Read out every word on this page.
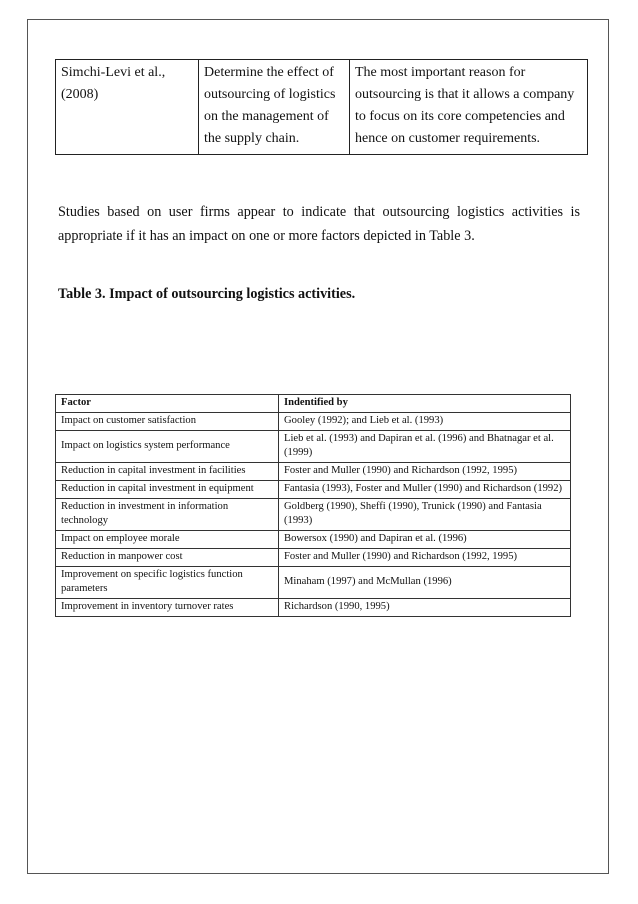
Simchi-Levi et al., (2008)	Determine the effect of outsourcing of logistics on the management of the supply chain.	The most important reason for outsourcing is that it allows a company to focus on its core competencies and hence on customer requirements.

Studies based on user firms appear to indicate that outsourcing logistics activities is appropriate if it has an impact on one or more factors depicted in Table 3.

Table 3. Impact of outsourcing logistics activities.

Factor	Indentified by
Impact on customer satisfaction	Gooley (1992); and Lieb et al. (1993)
Impact on logistics system performance	Lieb et al. (1993) and Dapiran et al. (1996) and Bhatnagar et al. (1999)
Reduction in capital investment in facilities	Foster and Muller (1990) and Richardson (1992, 1995)
Reduction in capital investment in equipment	Fantasia (1993), Foster and Muller (1990) and Richardson (1992)
Reduction in investment in information technology	Goldberg (1990), Sheffi (1990), Trunick (1990) and Fantasia (1993)
Impact on employee morale	Bowersox (1990) and Dapiran et al. (1996)
Reduction in manpower cost	Foster and Muller (1990) and Richardson (1992, 1995)
Improvement on specific logistics function parameters	Minaham (1997) and McMullan (1996)
Improvement in inventory turnover rates	Richardson (1990, 1995)
